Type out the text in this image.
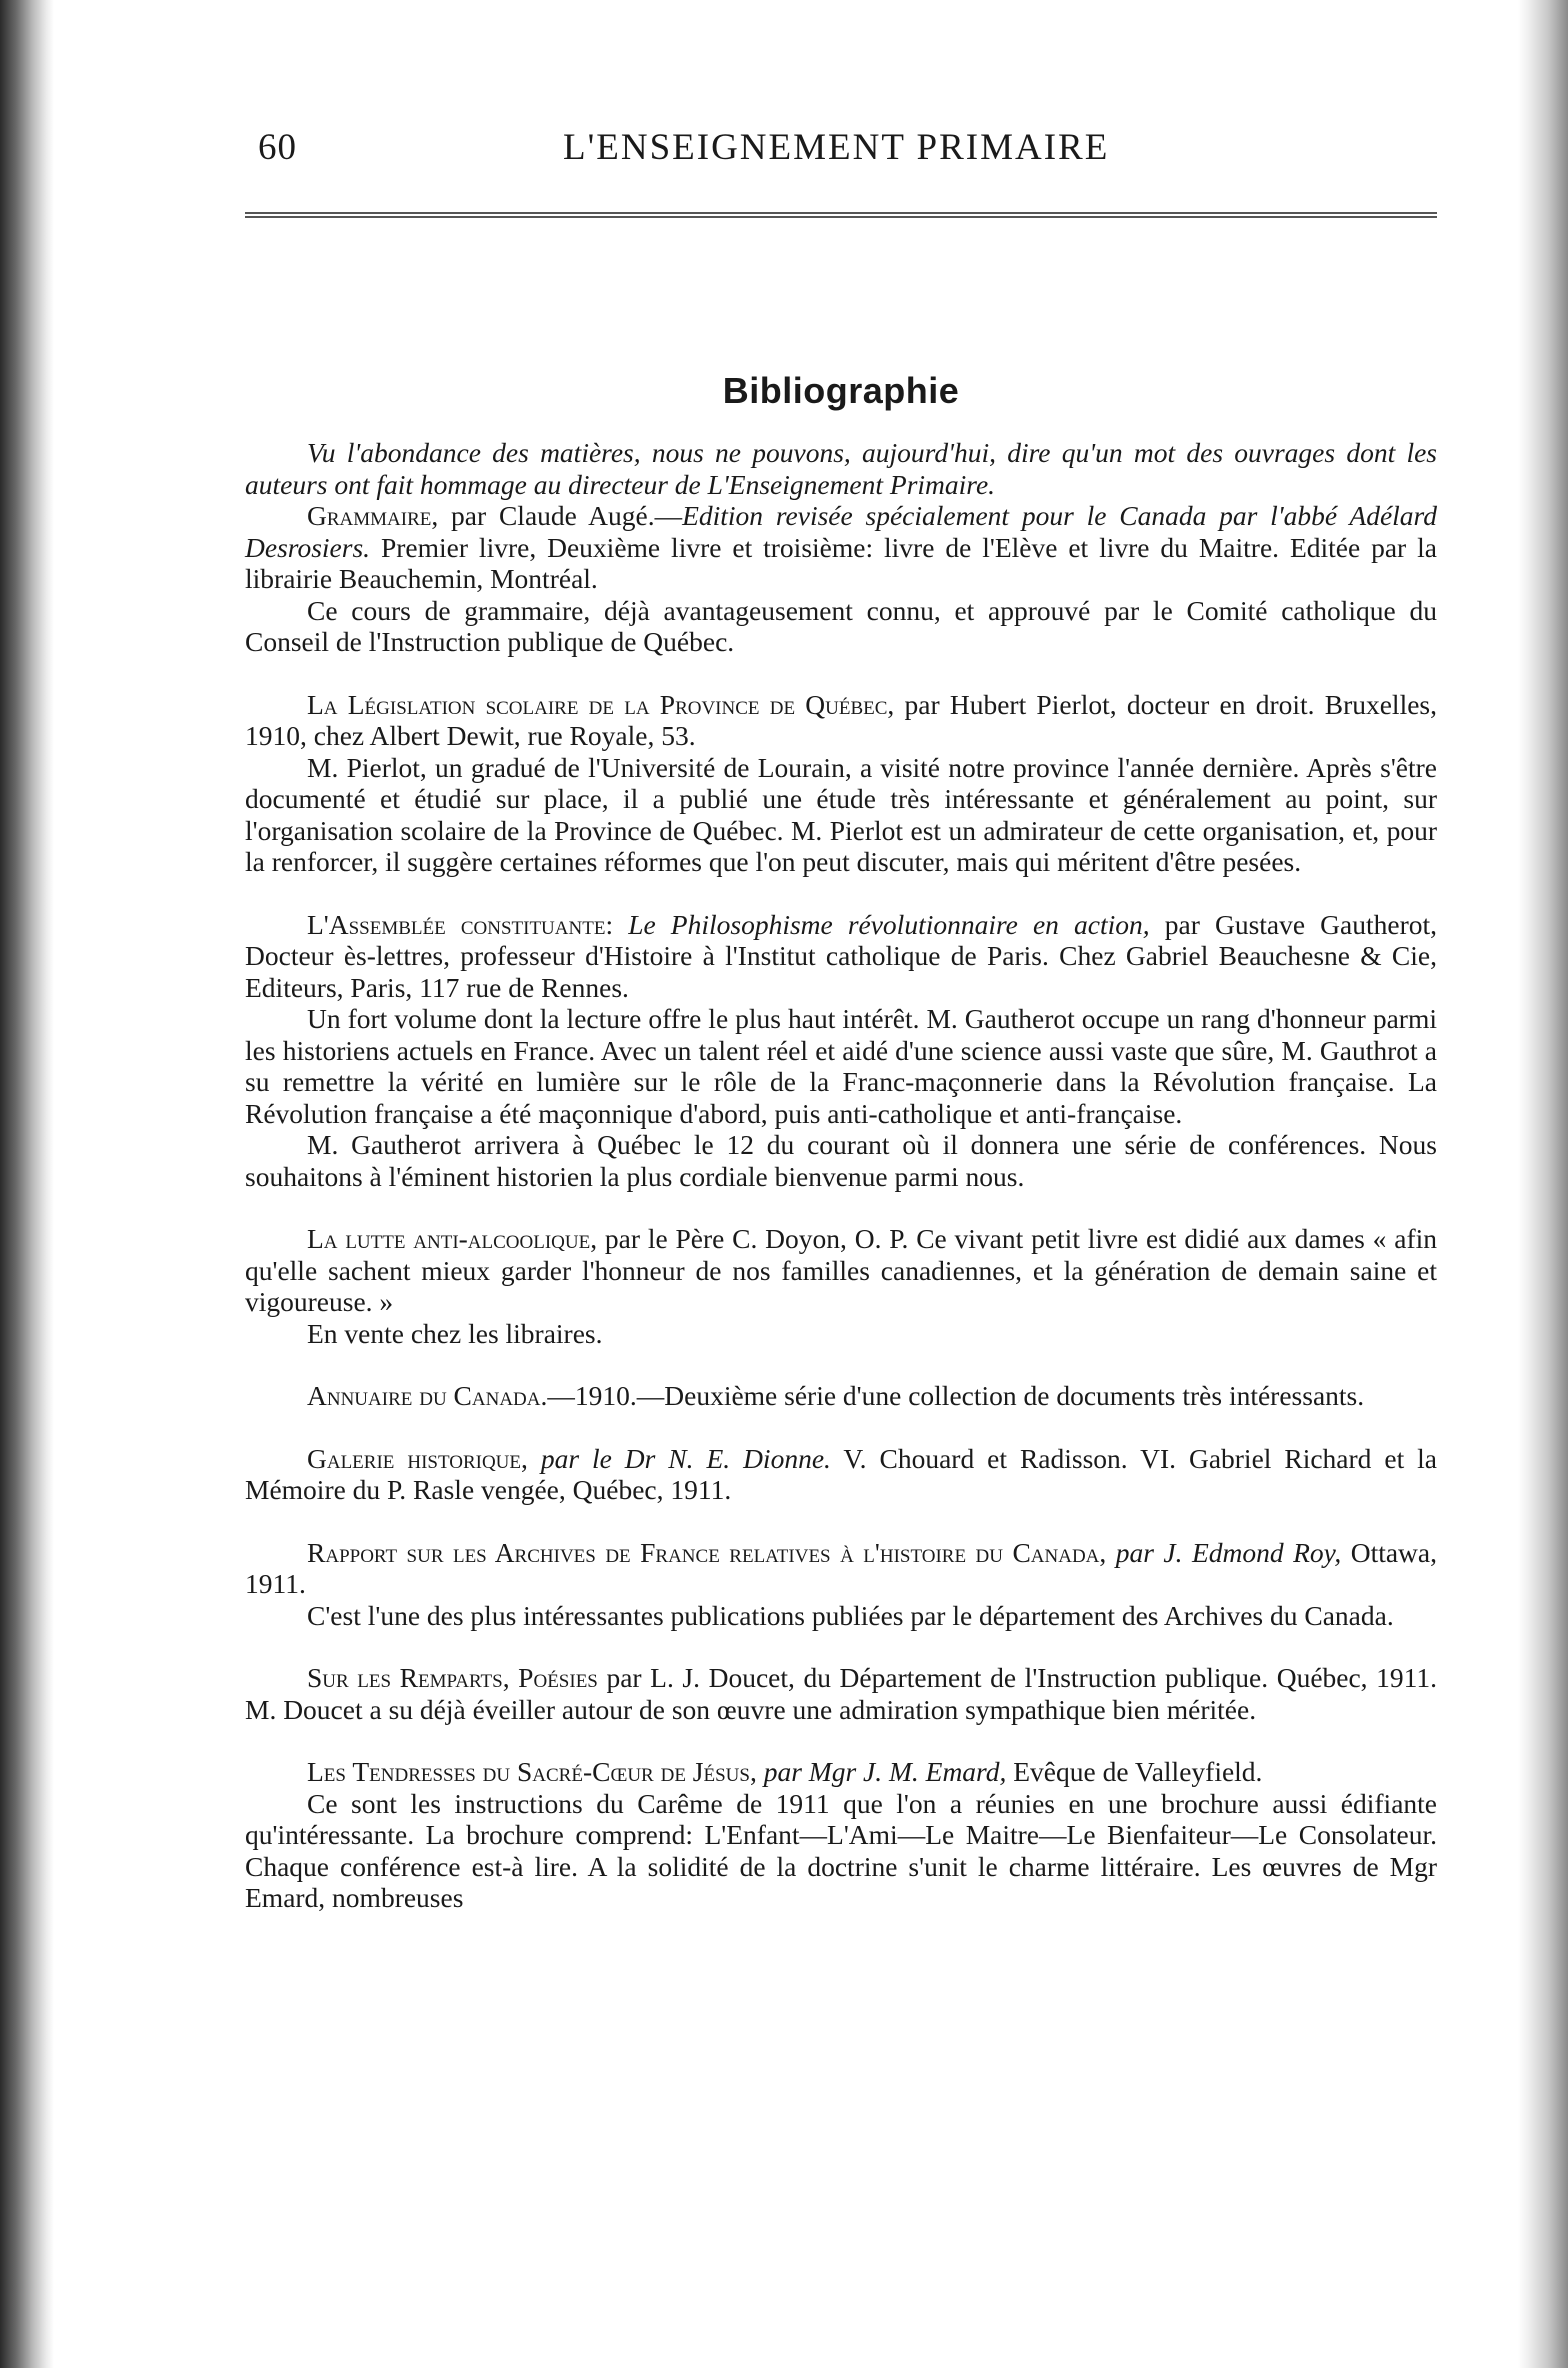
60	L'ENSEIGNEMENT PRIMAIRE
Bibliographie

Vu l'abondance des matières, nous ne pouvons, aujourd'hui, dire qu'un mot des ouvrages dont les auteurs ont fait hommage au directeur de L'Enseignement Primaire.

Grammaire, par Claude Augé.—Edition revisée spécialement pour le Canada par l'abbé Adélard Desrosiers. Premier livre, Deuxième livre et troisième: livre de l'Elève et livre du Maitre. Editée par la librairie Beauchemin, Montréal.

Ce cours de grammaire, déjà avantageusement connu, et approuvé par le Comité catholique du Conseil de l'Instruction publique de Québec.

La Législation scolaire de la Province de Québec, par Hubert Pierlot, docteur en droit. Bruxelles, 1910, chez Albert Dewit, rue Royale, 53.

M. Pierlot, un gradué de l'Université de Lourain, a visité notre province l'année dernière. Après s'être documenté et étudié sur place, il a publié une étude très intéressante et généralement au point, sur l'organisation scolaire de la Province de Québec. M. Pierlot est un admirateur de cette organisation, et, pour la renforcer, il suggère certaines réformes que l'on peut discuter, mais qui méritent d'être pesées.

L'Assemblée constituante: Le Philosophisme révolutionnaire en action, par Gustave Gautherot, Docteur ès-lettres, professeur d'Histoire à l'Institut catholique de Paris. Chez Gabriel Beauchesne & Cie, Editeurs, Paris, 117 rue de Rennes.

Un fort volume dont la lecture offre le plus haut intérêt. M. Gautherot occupe un rang d'honneur parmi les historiens actuels en France. Avec un talent réel et aidé d'une science aussi vaste que sûre, M. Gauthrot a su remettre la vérité en lumière sur le rôle de la Franc-maçonnerie dans la Révolution française. La Révolution française a été maçonnique d'abord, puis anti-catholique et anti-française.

M. Gautherot arrivera à Québec le 12 du courant où il donnera une série de conférences. Nous souhaitons à l'éminent historien la plus cordiale bienvenue parmi nous.

La lutte anti-alcoolique, par le Père C. Doyon, O. P. Ce vivant petit livre est didié aux dames « afin qu'elle sachent mieux garder l'honneur de nos familles canadiennes, et la génération de demain saine et vigoureuse. »

En vente chez les libraires.

Annuaire du Canada.—1910.—Deuxième série d'une collection de documents très intéressants.

Galerie historique, par le Dr N. E. Dionne. V. Chouard et Radisson. VI. Gabriel Richard et la Mémoire du P. Rasle vengée, Québec, 1911.

Rapport sur les Archives de France relatives à l'histoire du Canada, par J. Edmond Roy, Ottawa, 1911.

C'est l'une des plus intéressantes publications publiées par le département des Archives du Canada.

Sur les Remparts, Poésies par L. J. Doucet, du Département de l'Instruction publique. Québec, 1911. M. Doucet a su déjà éveiller autour de son œuvre une admiration sympathique bien méritée.

Les Tendresses du Sacré-Cœur de Jésus, par Mgr J. M. Emard, Evêque de Valleyfield.

Ce sont les instructions du Carême de 1911 que l'on a réunies en une brochure aussi édifiante qu'intéressante. La brochure comprend: L'Enfant—L'Ami—Le Maitre—Le Bienfaiteur—Le Consolateur. Chaque conférence est-à lire. A la solidité de la doctrine s'unit le charme littéraire. Les œuvres de Mgr Emard, nombreuses
